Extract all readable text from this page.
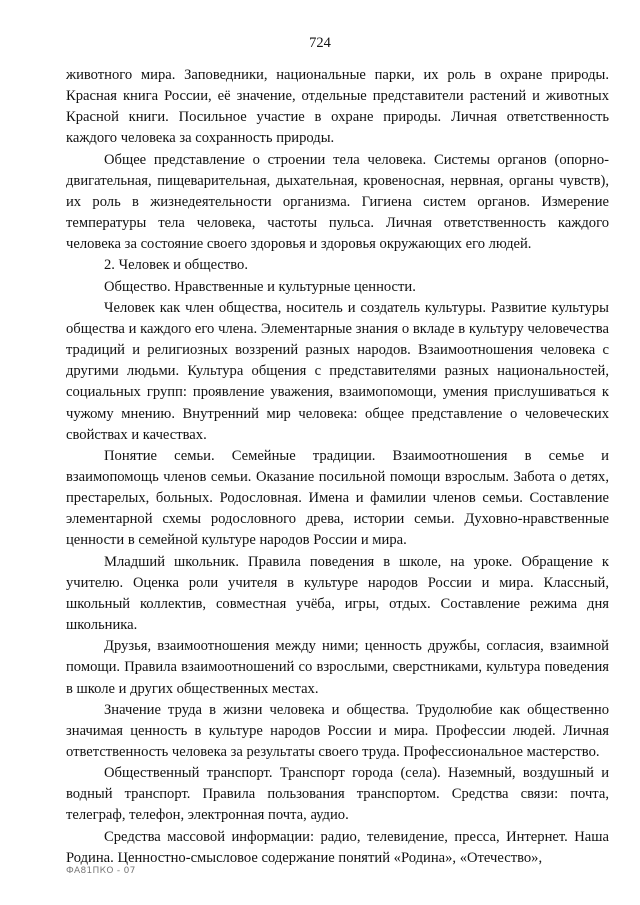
724

животного мира. Заповедники, национальные парки, их роль в охране природы. Красная книга России, её значение, отдельные представители растений и животных Красной книги. Посильное участие в охране природы. Личная ответственность каждого человека за сохранность природы.

Общее представление о строении тела человека. Системы органов (опорно-двигательная, пищеварительная, дыхательная, кровеносная, нервная, органы чувств), их роль в жизнедеятельности организма. Гигиена систем органов. Измерение температуры тела человека, частоты пульса. Личная ответственность каждого человека за состояние своего здоровья и здоровья окружающих его людей.

2. Человек и общество.

Общество. Нравственные и культурные ценности.

Человек как член общества, носитель и создатель культуры. Развитие культуры общества и каждого его члена. Элементарные знания о вкладе в культуру человечества традиций и религиозных воззрений разных народов. Взаимоотношения человека с другими людьми. Культура общения с представителями разных национальностей, социальных групп: проявление уважения, взаимопомощи, умения прислушиваться к чужому мнению. Внутренний мир человека: общее представление о человеческих свойствах и качествах.

Понятие семьи. Семейные традиции. Взаимоотношения в семье и взаимопомощь членов семьи. Оказание посильной помощи взрослым. Забота о детях, престарелых, больных. Родословная. Имена и фамилии членов семьи. Составление элементарной схемы родословного древа, истории семьи. Духовно-нравственные ценности в семейной культуре народов России и мира.

Младший школьник. Правила поведения в школе, на уроке. Обращение к учителю. Оценка роли учителя в культуре народов России и мира. Классный, школьный коллектив, совместная учёба, игры, отдых. Составление режима дня школьника.

Друзья, взаимоотношения между ними; ценность дружбы, согласия, взаимной помощи. Правила взаимоотношений со взрослыми, сверстниками, культура поведения в школе и других общественных местах.

Значение труда в жизни человека и общества. Трудолюбие как общественно значимая ценность в культуре народов России и мира. Профессии людей. Личная ответственность человека за результаты своего труда. Профессиональное мастерство.

Общественный транспорт. Транспорт города (села). Наземный, воздушный и водный транспорт. Правила пользования транспортом. Средства связи: почта, телеграф, телефон, электронная почта, аудио.

Средства массовой информации: радио, телевидение, пресса, Интернет. Наша Родина. Ценностно-смысловое содержание понятий «Родина», «Отечество»,

ФА81ПКО - 07
